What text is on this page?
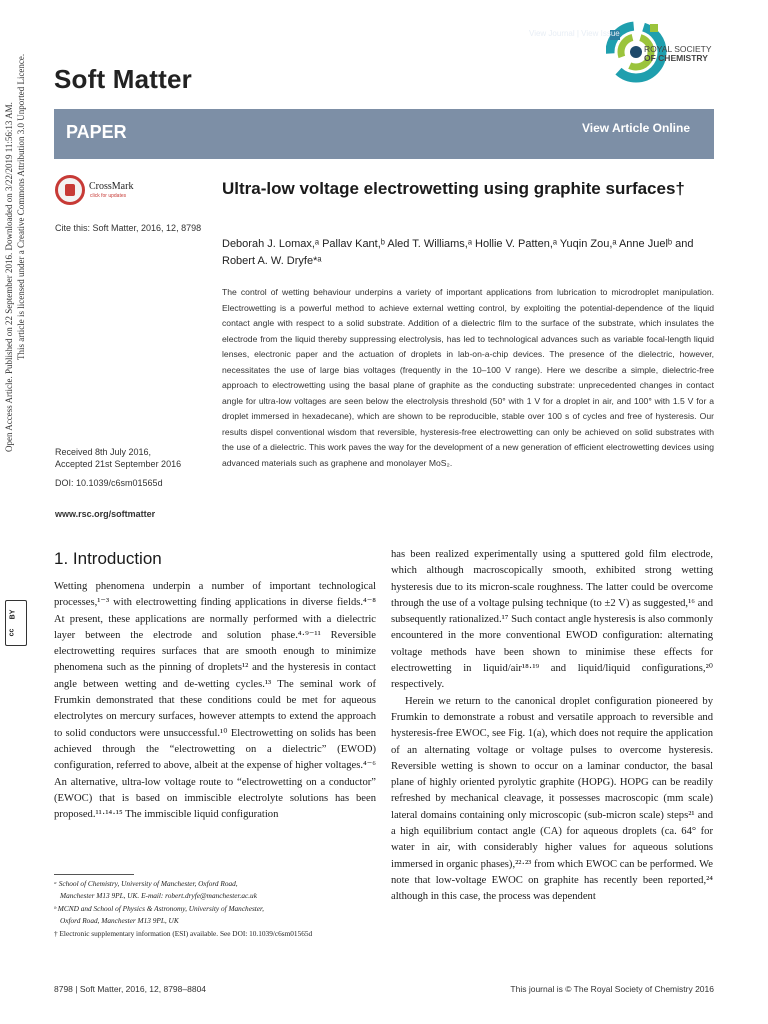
Soft Matter
ROYAL SOCIETY
OF CHEMISTRY
PAPER	View Article Online
View Journal | View Issue
Open Access Article. Published on 22 September 2016. Downloaded on 3/22/2019 11:56:13 AM. This article is licensed under a Creative Commons Attribution 3.0 Unported Licence.
cc
BY
CrossMark
click for updates
Cite this: Soft Matter, 2016, 12, 8798
Received 8th July 2016,
Accepted 21st September 2016
DOI: 10.1039/c6sm01565d
www.rsc.org/softmatter
Ultra-low voltage electrowetting using graphite surfaces†
Deborah J. Lomax,ᵃ Pallav Kant,ᵇ Aled T. Williams,ᵃ Hollie V. Patten,ᵃ Yuqin Zou,ᵃ Anne Juelᵇ and Robert A. W. Dryfe*ᵃ
The control of wetting behaviour underpins a variety of important applications from lubrication to microdroplet manipulation. Electrowetting is a powerful method to achieve external wetting control, by exploiting the potential-dependence of the liquid contact angle with respect to a solid substrate. Addition of a dielectric film to the surface of the substrate, which insulates the electrode from the liquid thereby suppressing electrolysis, has led to technological advances such as variable focal-length liquid lenses, electronic paper and the actuation of droplets in lab-on-a-chip devices. The presence of the dielectric, however, necessitates the use of large bias voltages (frequently in the 10–100 V range). Here we describe a simple, dielectric-free approach to electrowetting using the basal plane of graphite as the conducting substrate: unprecedented changes in contact angle for ultra-low voltages are seen below the electrolysis threshold (50° with 1 V for a droplet in air, and 100° with 1.5 V for a droplet immersed in hexadecane), which are shown to be reproducible, stable over 100 s of cycles and free of hysteresis. Our results dispel conventional wisdom that reversible, hysteresis-free electrowetting can only be achieved on solid substrates with the use of a dielectric. This work paves the way for the development of a new generation of efficient electrowetting devices using advanced materials such as graphene and monolayer MoS₂.
1. Introduction

Wetting phenomena underpin a number of important technological processes,¹⁻³ with electrowetting finding applications in diverse fields.⁴⁻⁸ At present, these applications are normally performed with a dielectric layer between the electrode and solution phase.⁴·⁹⁻¹¹ Reversible electrowetting requires surfaces that are smooth enough to minimize phenomena such as the pinning of droplets¹² and the hysteresis in contact angle between wetting and de-wetting cycles.¹³ The seminal work of Frumkin demonstrated that these conditions could be met for aqueous electrolytes on mercury surfaces, however attempts to extend the approach to solid conductors were unsuccessful.¹⁰ Electrowetting on solids has been achieved through the “electrowetting on a dielectric” (EWOD) configuration, referred to above, albeit at the expense of higher voltages.⁴⁻⁶ An alternative, ultra-low voltage route to “electrowetting on a conductor” (EWOC) that is based on immiscible electrolyte solutions has been proposed.¹¹·¹⁴·¹⁵ The immiscible liquid configuration

has been realized experimentally using a sputtered gold film electrode, which although macroscopically smooth, exhibited strong wetting hysteresis due to its micron-scale roughness. The latter could be overcome through the use of a voltage pulsing technique (to ±2 V) as suggested,¹⁶ and subsequently rationalized.¹⁷ Such contact angle hysteresis is also commonly encountered in the more conventional EWOD configuration: alternating voltage methods have been shown to minimise these effects for electrowetting in liquid/air¹⁸·¹⁹ and liquid/liquid configurations,²⁰ respectively.

Herein we return to the canonical droplet configuration pioneered by Frumkin to demonstrate a robust and versatile approach to reversible and hysteresis-free EWOC, see Fig. 1(a), which does not require the application of an alternating voltage or voltage pulses to overcome hysteresis. Reversible wetting is shown to occur on a laminar conductor, the basal plane of highly oriented pyrolytic graphite (HOPG). HOPG can be readily refreshed by mechanical cleavage, it possesses macroscopic (mm scale) lateral domains containing only microscopic (sub-micron scale) steps²¹ and a high equilibrium contact angle (CA) for aqueous droplets (ca. 64° for water in air, with considerably higher values for aqueous solutions immersed in organic phases),²²·²³ from which EWOC can be performed. We note that low-voltage EWOC on graphite has recently been reported,²⁴ although in this case, the process was dependent

ᵃ School of Chemistry, University of Manchester, Oxford Road,
Manchester M13 9PL, UK. E-mail: robert.dryfe@manchester.ac.uk
ᵇ MCND and School of Physics & Astronomy, University of Manchester,
Oxford Road, Manchester M13 9PL, UK
† Electronic supplementary information (ESI) available. See DOI: 10.1039/c6sm01565d
8798 | Soft Matter, 2016, 12, 8798–8804	This journal is © The Royal Society of Chemistry 2016
